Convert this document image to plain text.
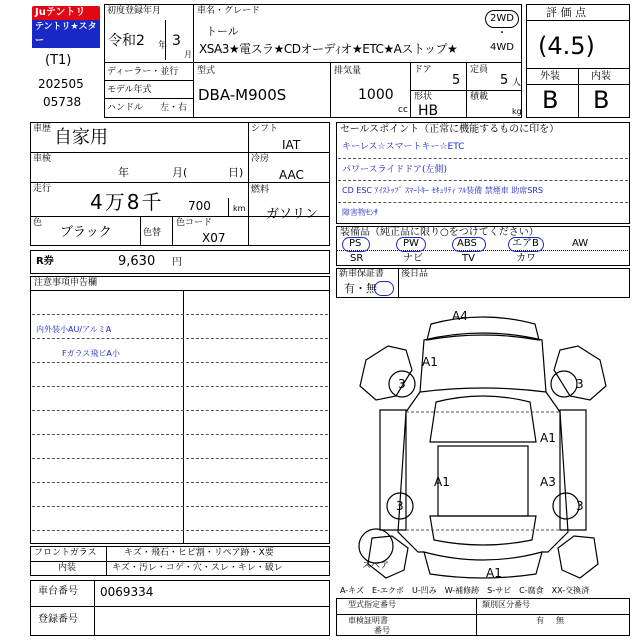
Juテントリ
テントリ★スター
(T1)
202505
05738
初度登録年月
令和2 年 3
月
ディーラー・並行
モデル年式
ハンドル 左・右
車名・グレード
トール
XSA3★電スラ★CDオーデｨオ★ETC★Aストップ★
2WD
・
4WD
型式
DBA-M900S
排気量
1000
cc
ドア
5
定員
5 人
形状
HB
積載
kg
評 価 点
(4.5)
外装	内装
B B
車歴 自家用
車検
年	月(	日)
走行
4万8千 700	km
色
ブラック	色替
色コード
X07
シフト
IAT
冷房
AAC
燃料
ガソリン
R券	9,630 円
セールスポイント（正常に機能するものに印を）
キーレス☆スマートキー☆ETC
パワースライドドア(左側)
CD ESC ｱｲｽﾄｯﾌﾟ ｽﾏｰﾄｷｰ ｾｷｭﾘﾃｨ ﾌﾙ装備 禁煙車 助席SRS
障害物ｾﾝｻ
装備品（純正品に限り○をつけてください）
PS	PW	ABS	エアB	AW
SR	ナビ	TV	カワ
新車保証書
有・無
後日品
注意事項申告欄
内外装小AU/アルミA
Fガラス飛ビA小
フロントガラス	キズ・飛石・ヒビ割・リペア跡・X要
内装	キズ・汚レ・コゲ・穴・スレ・キレ・破レ
車台番号 0069334
登録番号
A4
A1
3	3
A1
A1	A3
3	3
A1
スペア
A-キズ　E-エクボ　U-凹み　W-補修跡　S-サビ　C-腐食　XX-交換済
型式指定番号	類別区分番号
車検証明書
番号
有 無
